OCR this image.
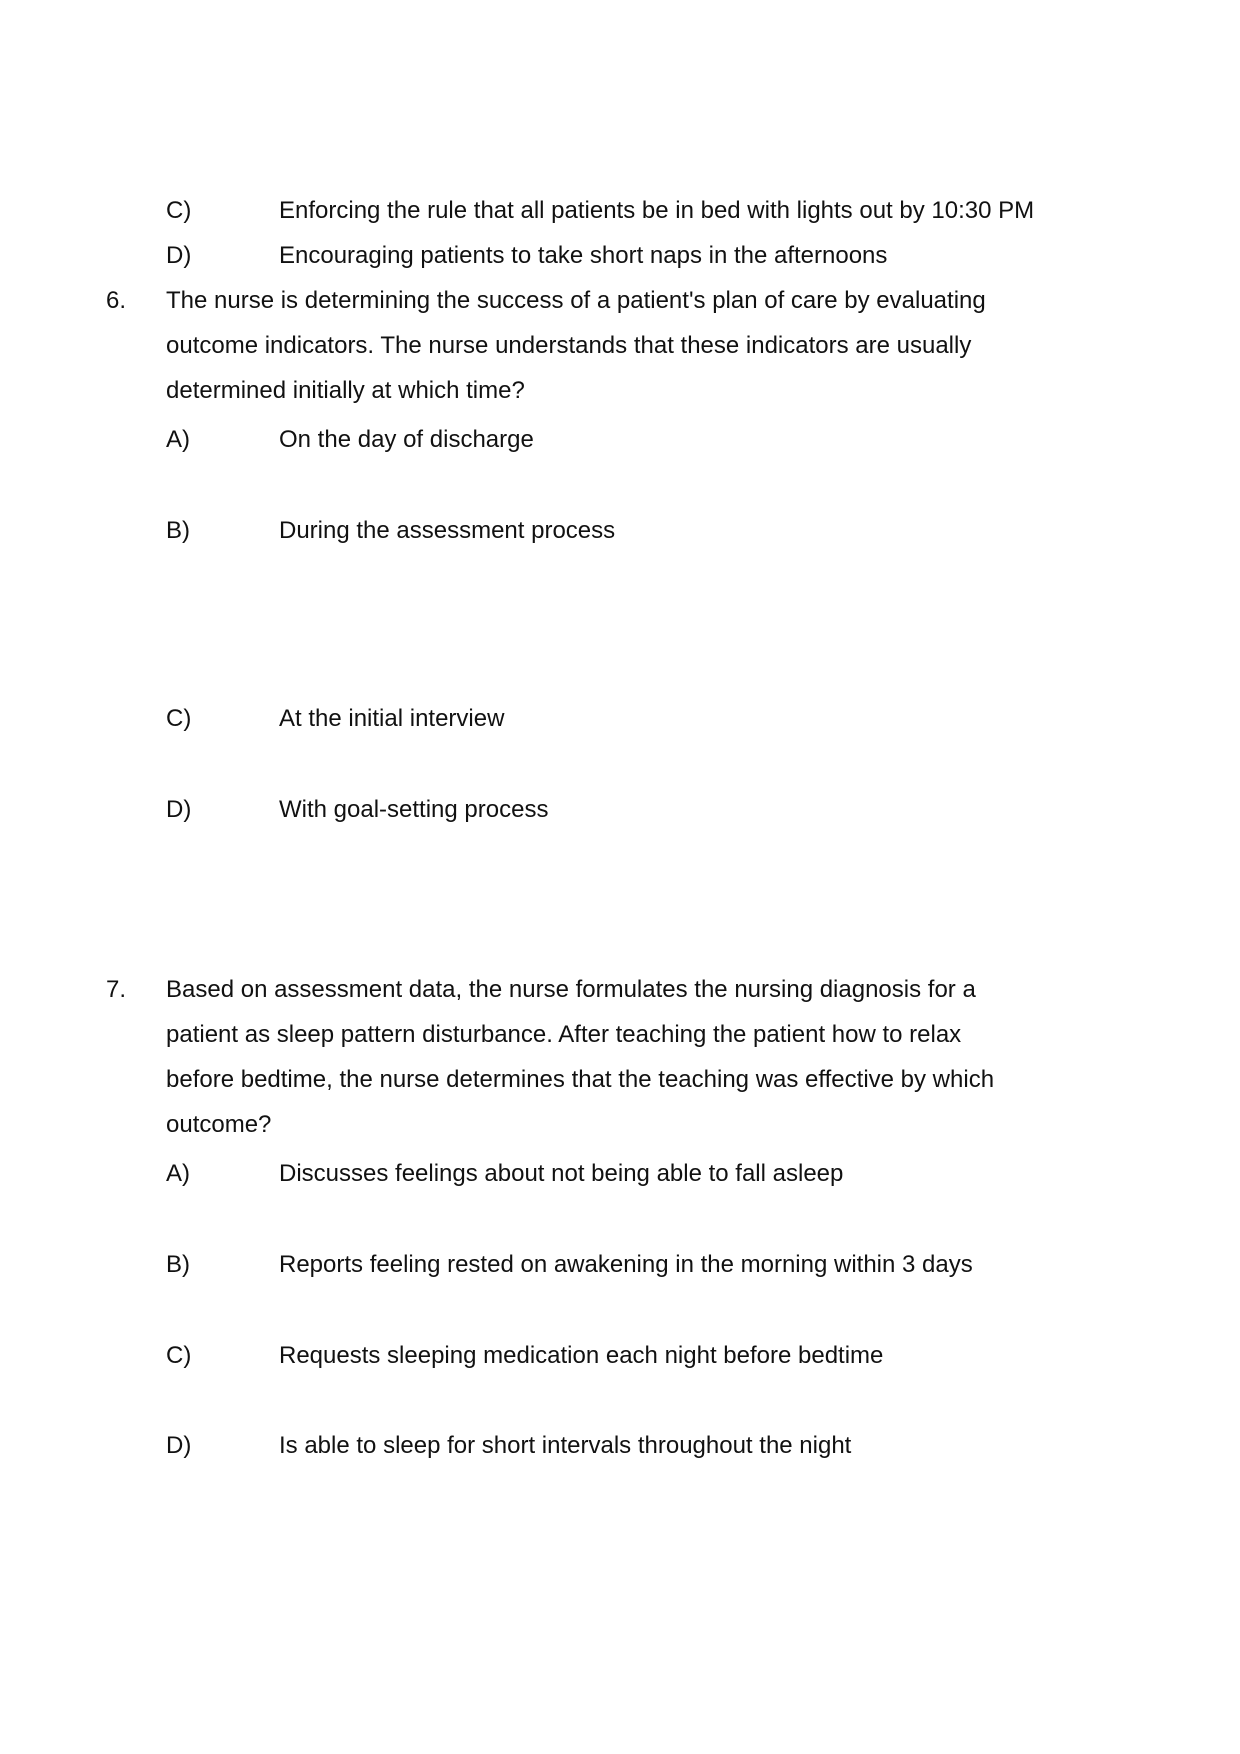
C)	Enforcing the rule that all patients be in bed with lights out by 10:30 PM
D)	Encouraging patients to take short naps in the afternoons
6. The nurse is determining the success of a patient's plan of care by evaluating
outcome indicators. The nurse understands that these indicators are usually
determined initially at which time?
A)	On the day of discharge
B)	During the assessment process
C)	At the initial interview
D)	With goal-setting process
7. Based on assessment data, the nurse formulates the nursing diagnosis for a
patient as sleep pattern disturbance. After teaching the patient how to relax
before bedtime, the nurse determines that the teaching was effective by which
outcome?
A)	Discusses feelings about not being able to fall asleep
B)	Reports feeling rested on awakening in the morning within 3 days
C)	Requests sleeping medication each night before bedtime
D)	Is able to sleep for short intervals throughout the night
